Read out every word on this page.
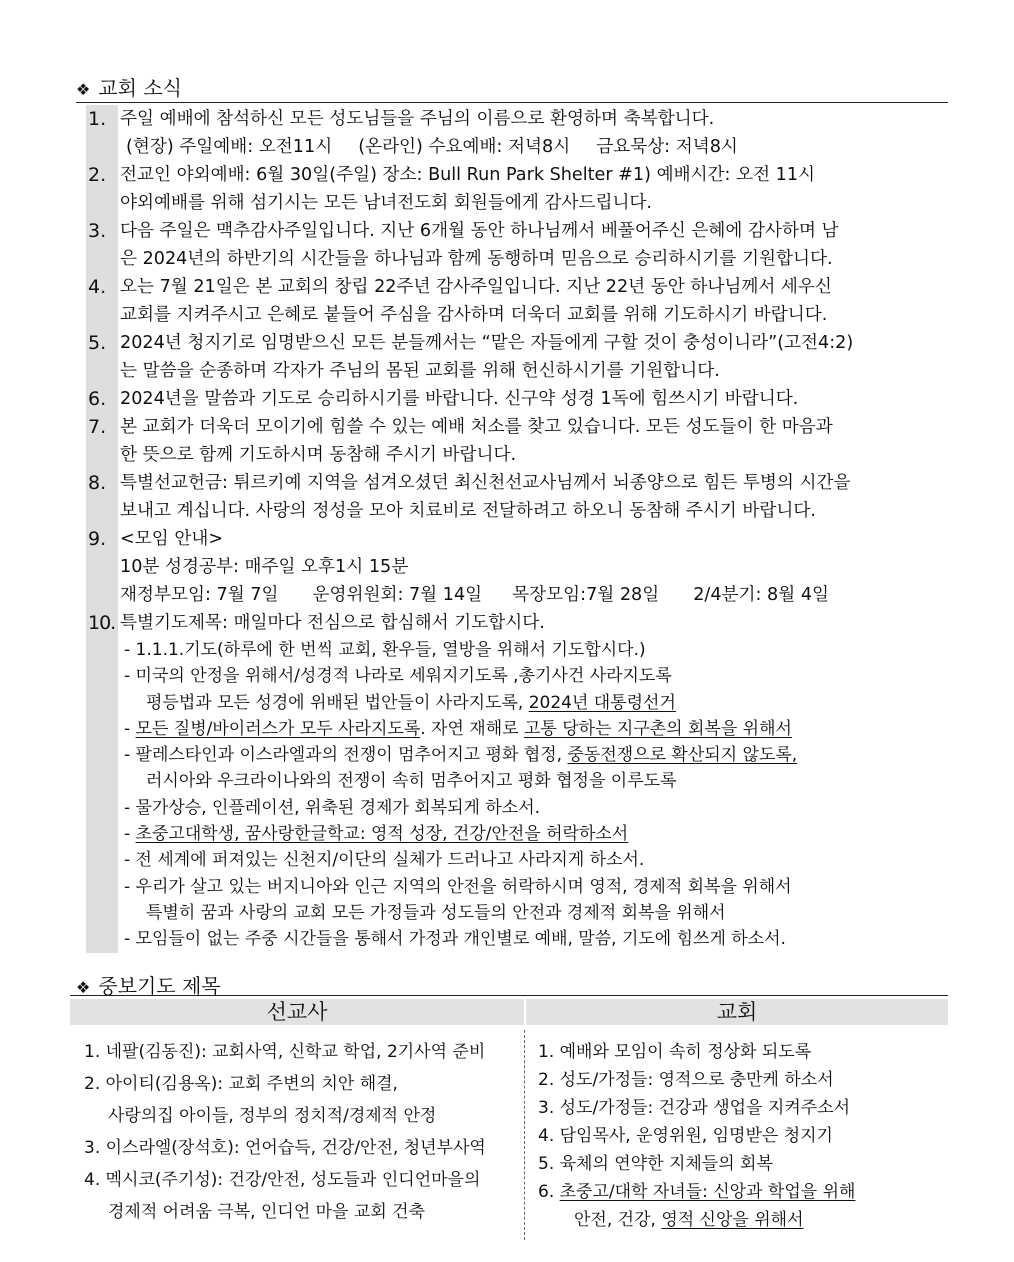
❖ 교회 소식
1. 주일 예배에 참석하신 모든 성도님들을 주님의 이름으로 환영하며 축복합니다.
(현장) 주일예배: 오전11시 (온라인) 수요예배: 저녁8시 금요묵상: 저녁8시
2. 전교인 야외예배: 6월 30일(주일) 장소: Bull Run Park Shelter #1) 예배시간: 오전 11시
야외예배를 위해 섬기시는 모든 남녀전도회 회원들에게 감사드립니다.
3. 다음 주일은 맥추감사주일입니다. 지난 6개월 동안 하나님께서 베풀어주신 은혜에 감사하며 남
은 2024년의 하반기의 시간들을 하나님과 함께 동행하며 믿음으로 승리하시기를 기원합니다.
4. 오는 7월 21일은 본 교회의 창립 22주년 감사주일입니다. 지난 22년 동안 하나님께서 세우신
교회를 지켜주시고 은혜로 붙들어 주심을 감사하며 더욱더 교회를 위해 기도하시기 바랍니다.
5. 2024년 청지기로 임명받으신 모든 분들께서는 “맡은 자들에게 구할 것이 충성이니라”(고전4:2)
는 말씀을 순종하며 각자가 주님의 몸된 교회를 위해 헌신하시기를 기원합니다.
6. 2024년을 말씀과 기도로 승리하시기를 바랍니다. 신구약 성경 1독에 힘쓰시기 바랍니다.
7. 본 교회가 더욱더 모이기에 힘쓸 수 있는 예배 처소를 찾고 있습니다. 모든 성도들이 한 마음과
한 뜻으로 함께 기도하시며 동참해 주시기 바랍니다.
8. 특별선교헌금: 튀르키예 지역을 섬겨오셨던 최신천선교사님께서 뇌종양으로 힘든 투병의 시간을
보내고 계십니다. 사랑의 정성을 모아 치료비로 전달하려고 하오니 동참해 주시기 바랍니다.
9. <모임 안내>
10분 성경공부: 매주일 오후1시 15분
재정부모임: 7월 7일 운영위원회: 7월 14일 목장모임:7월 28일 2/4분기: 8월 4일
10. 특별기도제목: 매일마다 전심으로 합심해서 기도합시다.
- 1.1.1.기도(하루에 한 번씩 교회, 환우들, 열방을 위해서 기도합시다.)
- 미국의 안정을 위해서/성경적 나라로 세워지기도록 ,총기사건 사라지도록
평등법과 모든 성경에 위배된 법안들이 사라지도록, 2024년 대통령선거
- 모든 질병/바이러스가 모두 사라지도록. 자연 재해로 고통 당하는 지구촌의 회복을 위해서
- 팔레스타인과 이스라엘과의 전쟁이 멈추어지고 평화 협정, 중동전쟁으로 확산되지 않도록,
러시아와 우크라이나와의 전쟁이 속히 멈추어지고 평화 협정을 이루도록
- 물가상승, 인플레이션, 위축된 경제가 회복되게 하소서.
- 초중고대학생, 꿈사랑한글학교: 영적 성장, 건강/안전을 허락하소서
- 전 세계에 퍼져있는 신천지/이단의 실체가 드러나고 사라지게 하소서.
- 우리가 살고 있는 버지니아와 인근 지역의 안전을 허락하시며 영적, 경제적 회복을 위해서
특별히 꿈과 사랑의 교회 모든 가정들과 성도들의 안전과 경제적 회복을 위해서
- 모임들이 없는 주중 시간들을 통해서 가정과 개인별로 예배, 말씀, 기도에 힘쓰게 하소서.
❖ 중보기도 제목
선교사	교회
1. 네팔(김동진): 교회사역, 신학교 학업, 2기사역 준비
2. 아이티(김용옥): 교회 주변의 치안 해결,
사랑의집 아이들, 정부의 정치적/경제적 안정
3. 이스라엘(장석호): 언어습득, 건강/안전, 청년부사역
4. 멕시코(주기성): 건강/안전, 성도들과 인디언마을의
경제적 어려움 극복, 인디언 마을 교회 건축
1. 예배와 모임이 속히 정상화 되도록
2. 성도/가정들: 영적으로 충만케 하소서
3. 성도/가정들: 건강과 생업을 지켜주소서
4. 담임목사, 운영위원, 임명받은 청지기
5. 육체의 연약한 지체들의 회복
6. 초중고/대학 자녀들: 신앙과 학업을 위해
안전, 건강, 영적 신앙을 위해서
